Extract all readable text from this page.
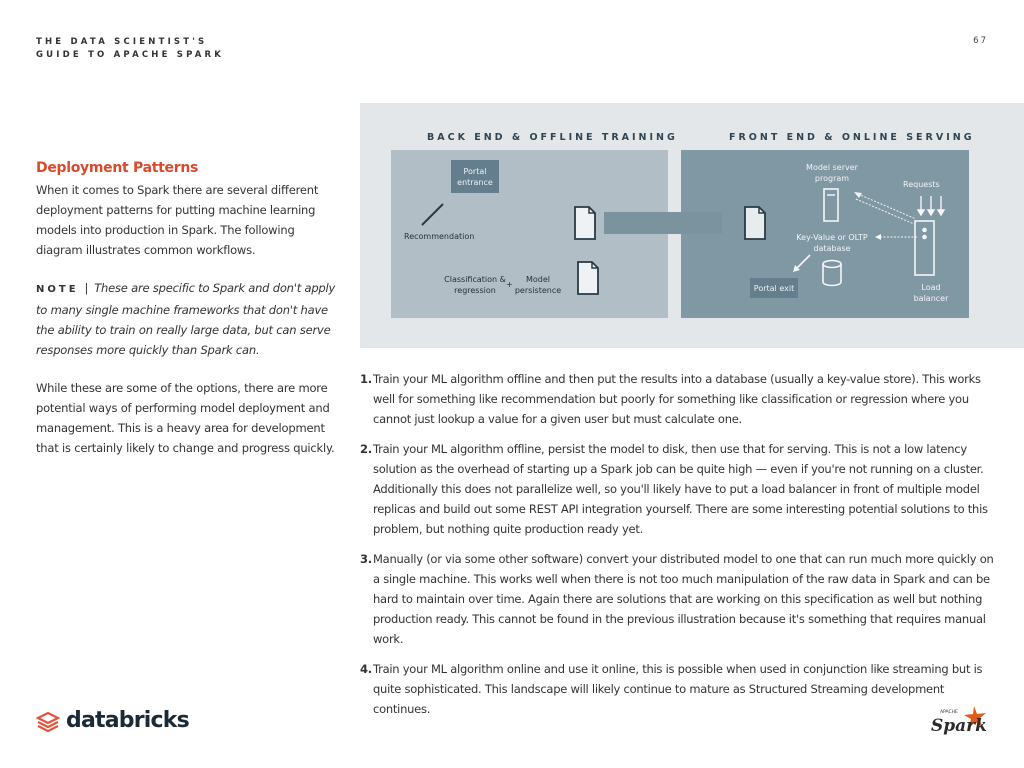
THE DATA SCIENTIST'S
GUIDE TO APACHE SPARK
67
Deployment Patterns
When it comes to Spark there are several different deployment patterns for putting machine learning models into production in Spark. The following diagram illustrates common workflows.
NOTE | These are specific to Spark and don't apply to many single machine frameworks that don't have the ability to train on really large data, but can serve responses more quickly than Spark can.
While these are some of the options, there are more potential ways of performing model deployment and management. This is a heavy area for development that is certainly likely to change and progress quickly.
BACK END & OFFLINE TRAINING	FRONT END & ONLINE SERVING
Portal entrance
Recommendation
Classification & regression
+
Model persistence
Model server program
Requests
Key-Value or OLTP database
Portal exit	Load balancer
1. Train your ML algorithm offline and then put the results into a database (usually a key-value store). This works well for something like recommendation but poorly for something like classification or regression where you cannot just lookup a value for a given user but must calculate one.
2. Train your ML algorithm offline, persist the model to disk, then use that for serving. This is not a low latency solution as the overhead of starting up a Spark job can be quite high — even if you're not running on a cluster. Additionally this does not parallelize well, so you'll likely have to put a load balancer in front of multiple model replicas and build out some REST API integration yourself. There are some interesting potential solutions to this problem, but nothing quite production ready yet.
3. Manually (or via some other software) convert your distributed model to one that can run much more quickly on a single machine. This works well when there is not too much manipulation of the raw data in Spark and can be hard to maintain over time. Again there are solutions that are working on this specification as well but nothing production ready. This cannot be found in the previous illustration because it's something that requires manual work.
4. Train your ML algorithm online and use it online, this is possible when used in conjunction like streaming but is quite sophisticated. This landscape will likely continue to mature as Structured Streaming development continues.
databricks	APACHE
Spark
